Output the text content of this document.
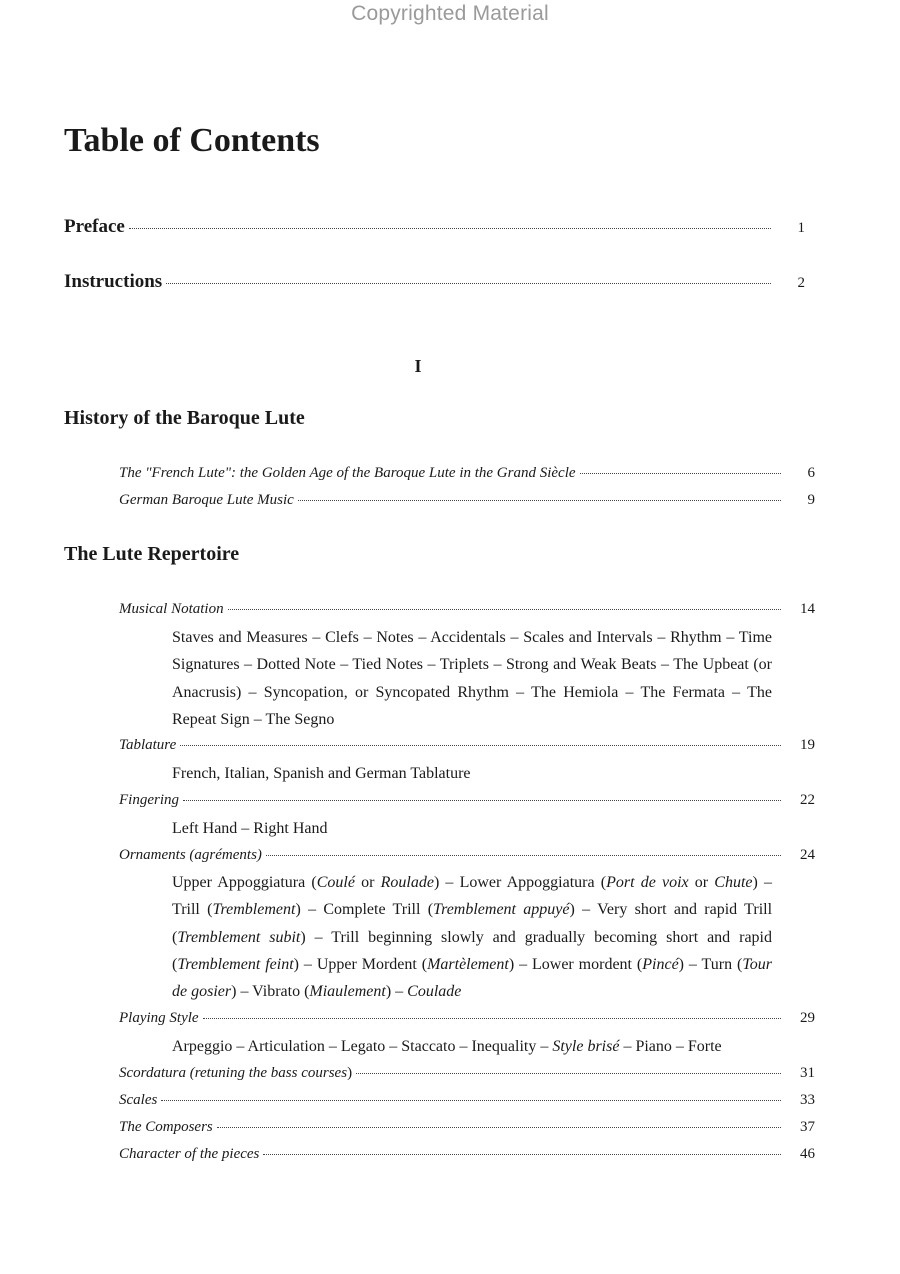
Copyrighted Material
Table of Contents
Preface	1
Instructions	2
I
History of the Baroque Lute
The "French Lute": the Golden Age of the Baroque Lute in the Grand Siècle	6
German Baroque Lute Music	9
The Lute Repertoire
Musical Notation	14
Staves and Measures – Clefs – Notes – Accidentals – Scales and Intervals – Rhythm – Time Signatures – Dotted Note – Tied Notes – Triplets – Strong and Weak Beats – The Upbeat (or Anacrusis) – Syncopation, or Syncopated Rhythm – The Hemiola – The Fermata – The Repeat Sign – The Segno
Tablature	19
French, Italian, Spanish and German Tablature
Fingering	22
Left Hand – Right Hand
Ornaments (agréments)	24
Upper Appoggiatura (Coulé or Roulade) – Lower Appoggiatura (Port de voix or Chute) – Trill (Tremblement) – Complete Trill (Tremblement appuyé) – Very short and rapid Trill (Tremblement subit) – Trill beginning slowly and gradually becoming short and rapid (Tremblement feint) – Upper Mordent (Martèlement) – Lower mordent (Pincé) – Turn (Tour de gosier) – Vibrato (Miaulement) – Coulade
Playing Style	29
Arpeggio – Articulation – Legato – Staccato – Inequality – Style brisé – Piano – Forte
Scordatura (retuning the bass courses)	31
Scales	33
The Composers	37
Character of the pieces	46
